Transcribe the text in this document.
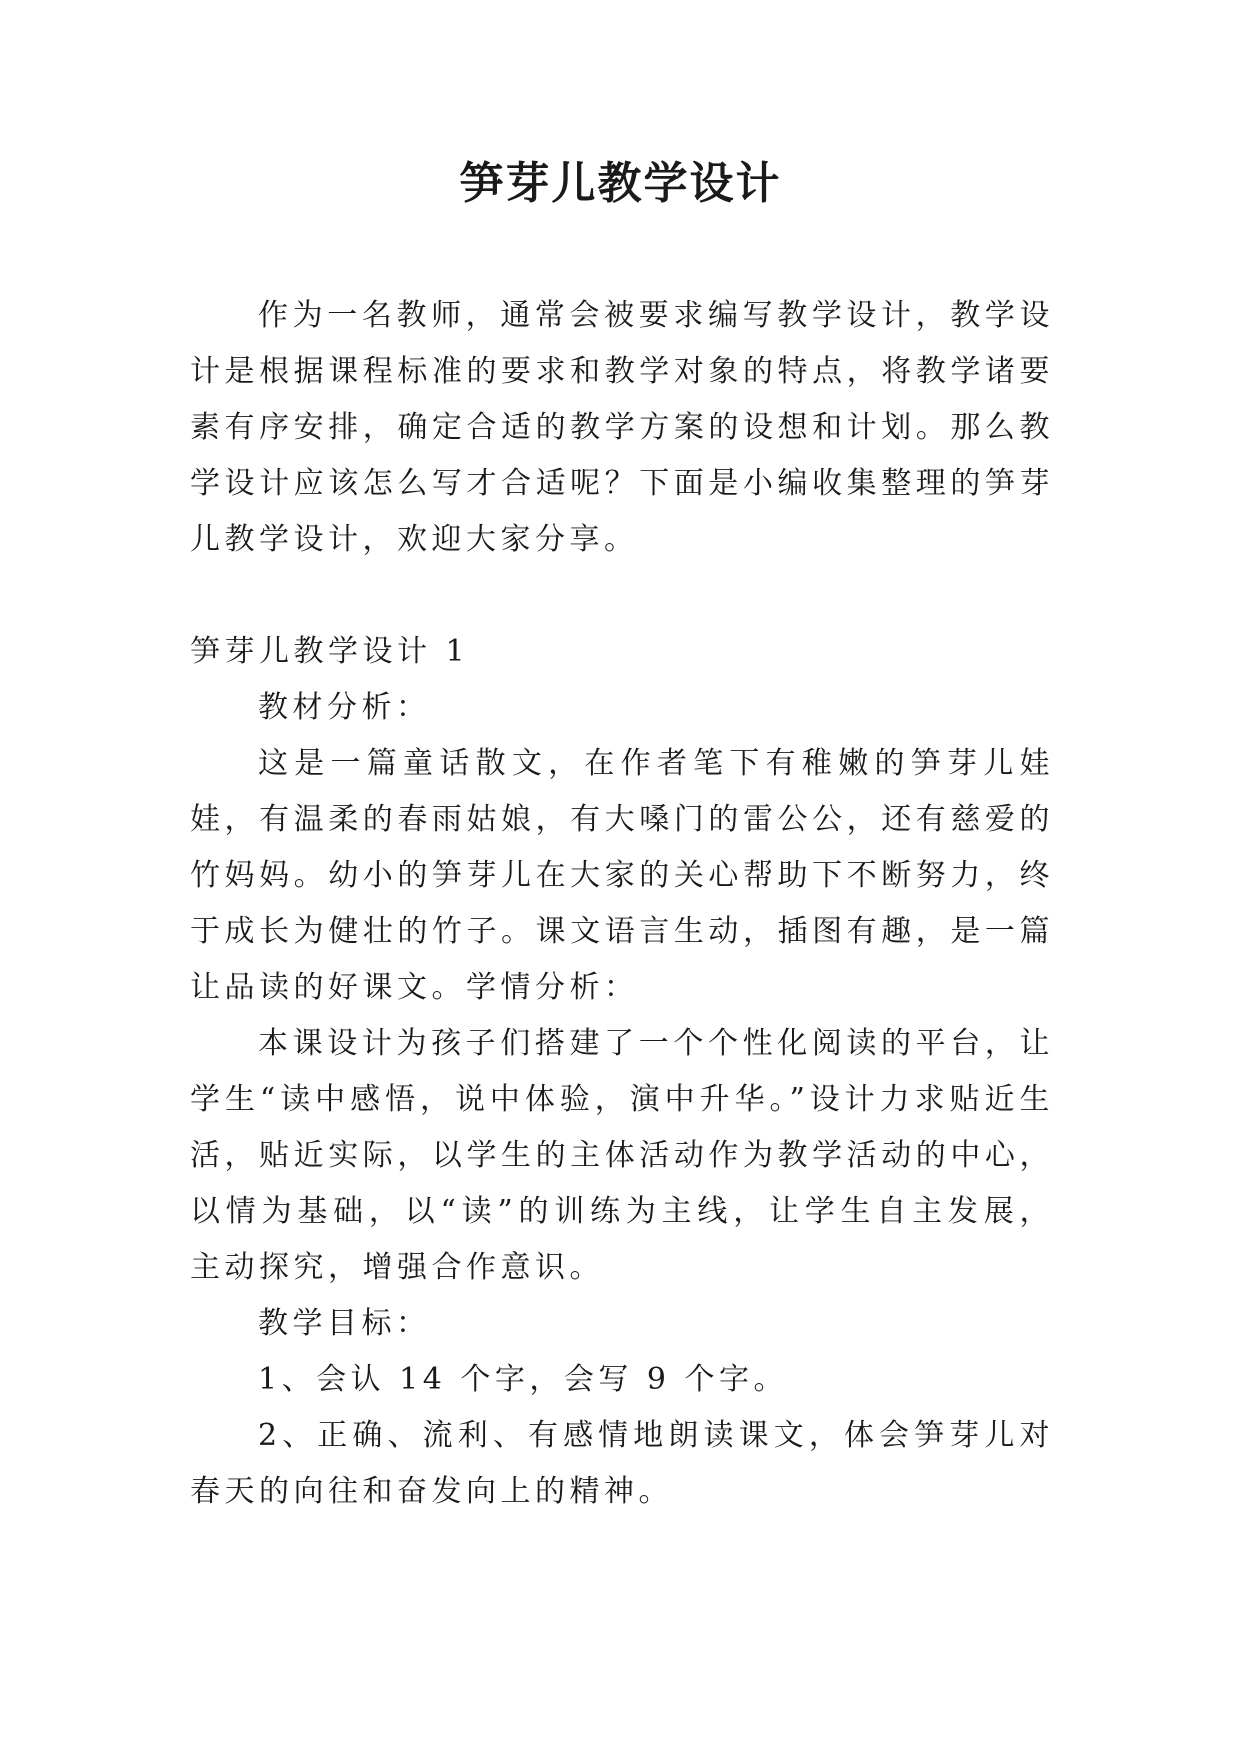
笋芽儿教学设计

作为一名教师，通常会被要求编写教学设计，教学设计是根据课程标准的要求和教学对象的特点，将教学诸要素有序安排，确定合适的教学方案的设想和计划。那么教学设计应该怎么写才合适呢？下面是小编收集整理的笋芽儿教学设计，欢迎大家分享。

笋芽儿教学设计 1

教材分析：

这是一篇童话散文，在作者笔下有稚嫩的笋芽儿娃娃，有温柔的春雨姑娘，有大嗓门的雷公公，还有慈爱的竹妈妈。幼小的笋芽儿在大家的关心帮助下不断努力，终于成长为健壮的竹子。课文语言生动，插图有趣，是一篇让品读的好课文。学情分析：

本课设计为孩子们搭建了一个个性化阅读的平台，让学生“读中感悟，说中体验，演中升华。”设计力求贴近生活，贴近实际，以学生的主体活动作为教学活动的中心，以情为基础，以“读”的训练为主线，让学生自主发展，主动探究，增强合作意识。

教学目标：

1、会认 14 个字，会写 9 个字。

2、正确、流利、有感情地朗读课文，体会笋芽儿对春天的向往和奋发向上的精神。
